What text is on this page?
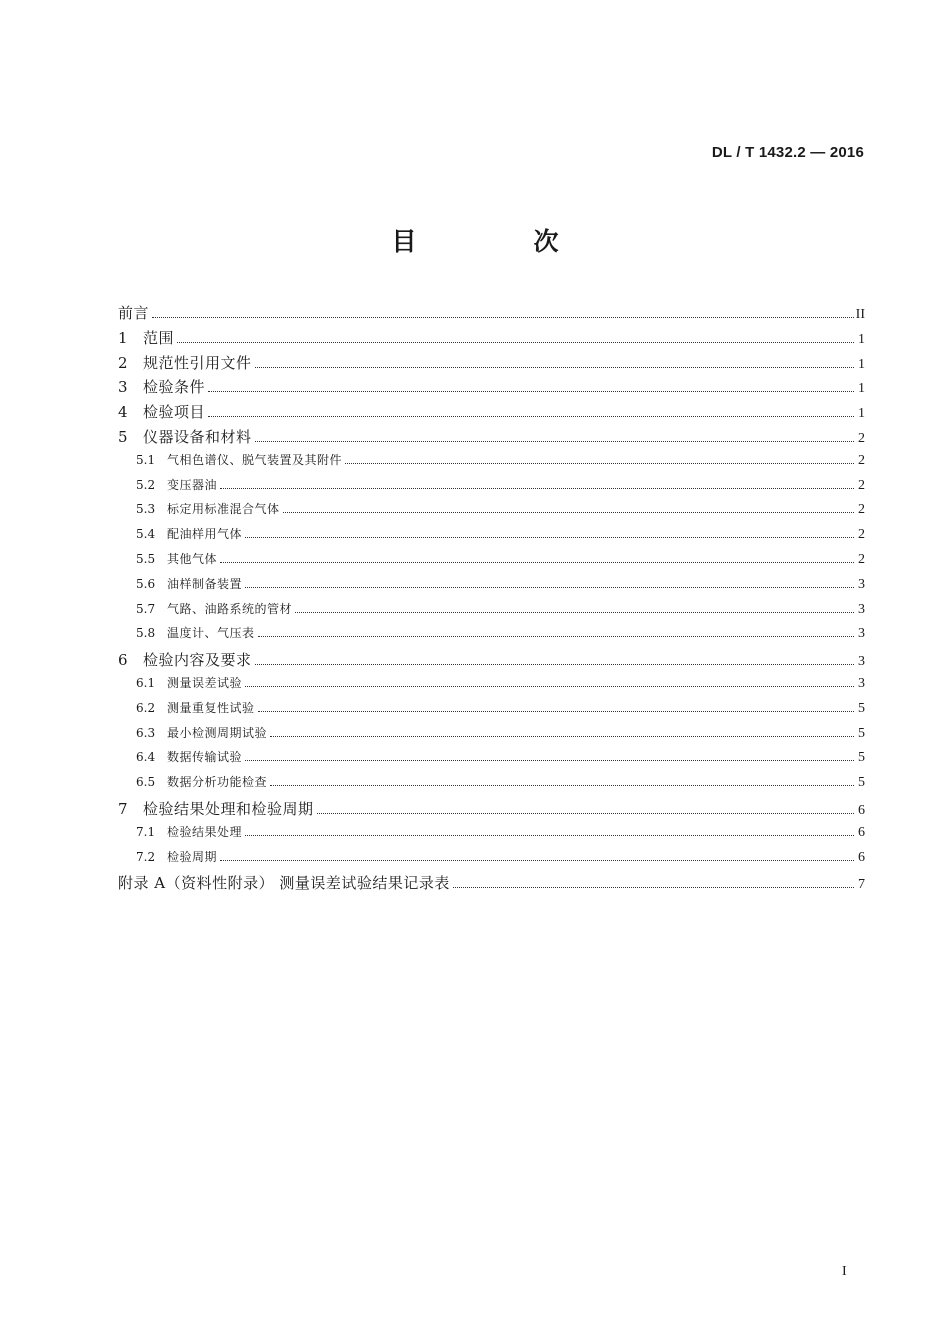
DL / T 1432.2 — 2016
目　次
前言	II
1	范围	1
2	规范性引用文件	1
3	检验条件	1
4	检验项目	1
5	仪器设备和材料	2
5.1 气相色谱仪、脱气装置及其附件	2
5.2 变压器油	2
5.3 标定用标准混合气体	2
5.4 配油样用气体	2
5.5 其他气体	2
5.6 油样制备装置	3
5.7 气路、油路系统的管材	3
5.8 温度计、气压表	3
6	检验内容及要求	3
6.1 测量误差试验	3
6.2 测量重复性试验	5
6.3 最小检测周期试验	5
6.4 数据传输试验	5
6.5 数据分析功能检查	5
7	检验结果处理和检验周期	6
7.1 检验结果处理	6
7.2 检验周期	6
附录 A（资料性附录） 测量误差试验结果记录表	7
I
